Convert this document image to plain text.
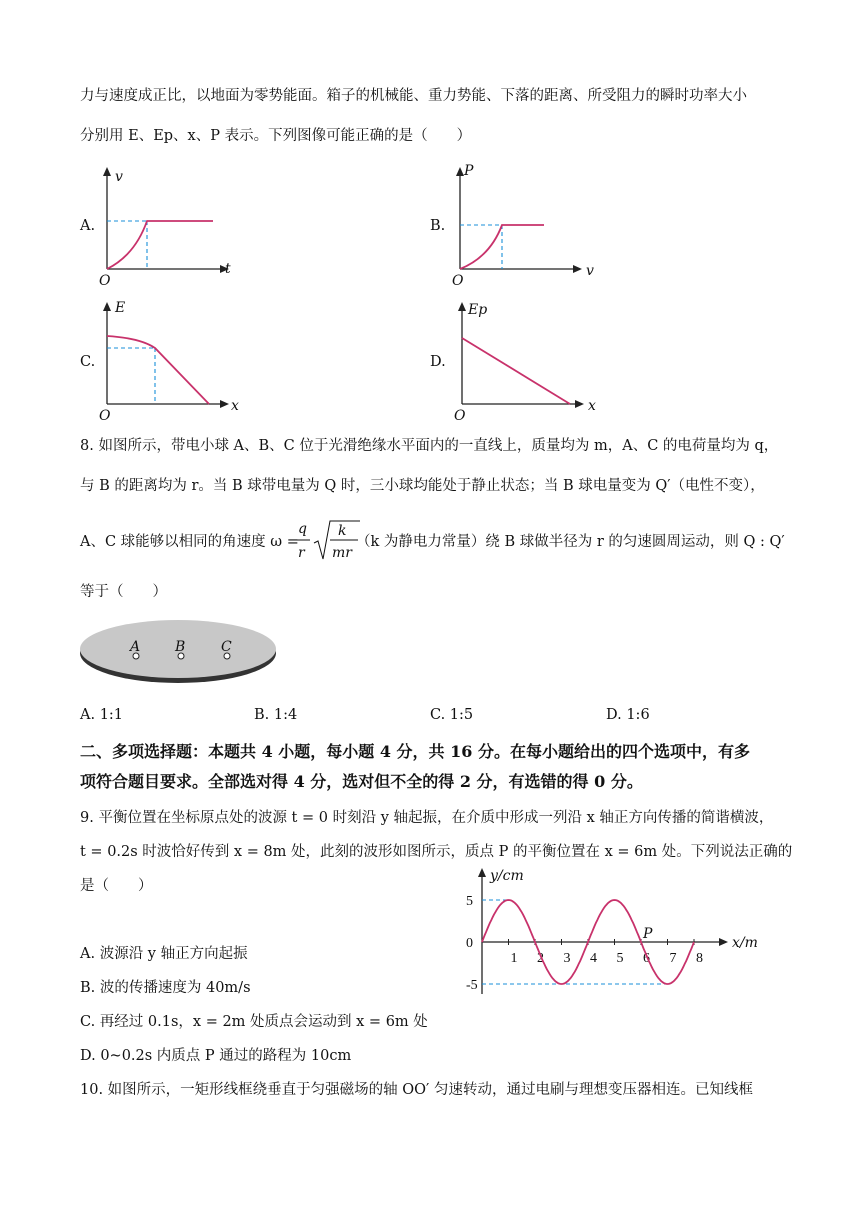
力与速度成正比，以地面为零势能面。箱子的机械能、重力势能、下落的距离、所受阻力的瞬时功率大小
分别用 E、Ep、x、P 表示。下列图像可能正确的是（　　）
A.
v
t
O
B.
P
v
O
C.
E
x
O
D.
Ep
x
O
8. 如图所示，带电小球 A、B、C 位于光滑绝缘水平面内的一直线上，质量均为 m，A、C 的电荷量均为 q，
与 B 的距离均为 r。当 B 球带电量为 Q 时，三小球均能处于静止状态；当 B 球电量变为 Q′（电性不变），
A、C 球能够以相同的角速度 ω =
q
r
k
mr
（k 为静电力常量）绕 B 球做半径为 r 的匀速圆周运动，则 Q : Q′
等于（　　）
A B	C
A. 1:1	B. 1:4	C. 1:5	D. 1:6
二、多项选择题：本题共 4 小题，每小题 4 分，共 16 分。在每小题给出的四个选项中，有多
项符合题目要求。全部选对得 4 分，选对但不全的得 2 分，有选错的得 0 分。
9. 平衡位置在坐标原点处的波源 t = 0 时刻沿 y 轴起振，在介质中形成一列沿 x 轴正方向传播的简谐横波，
t = 0.2s 时波恰好传到 x = 8m 处，此刻的波形如图所示，质点 P 的平衡位置在 x = 6m 处。下列说法正确的
是（　　）
A. 波源沿 y 轴正方向起振
B. 波的传播速度为 40m/s
C. 再经过 0.1s，x = 2m 处质点会运动到 x = 6m 处
D. 0~0.2s 内质点 P 通过的路程为 10cm
y/cm
x/m
5
0
-5
1 2 3 4 5 6 7 8
P
10. 如图所示，一矩形线框绕垂直于匀强磁场的轴 OO′ 匀速转动，通过电刷与理想变压器相连。已知线框
